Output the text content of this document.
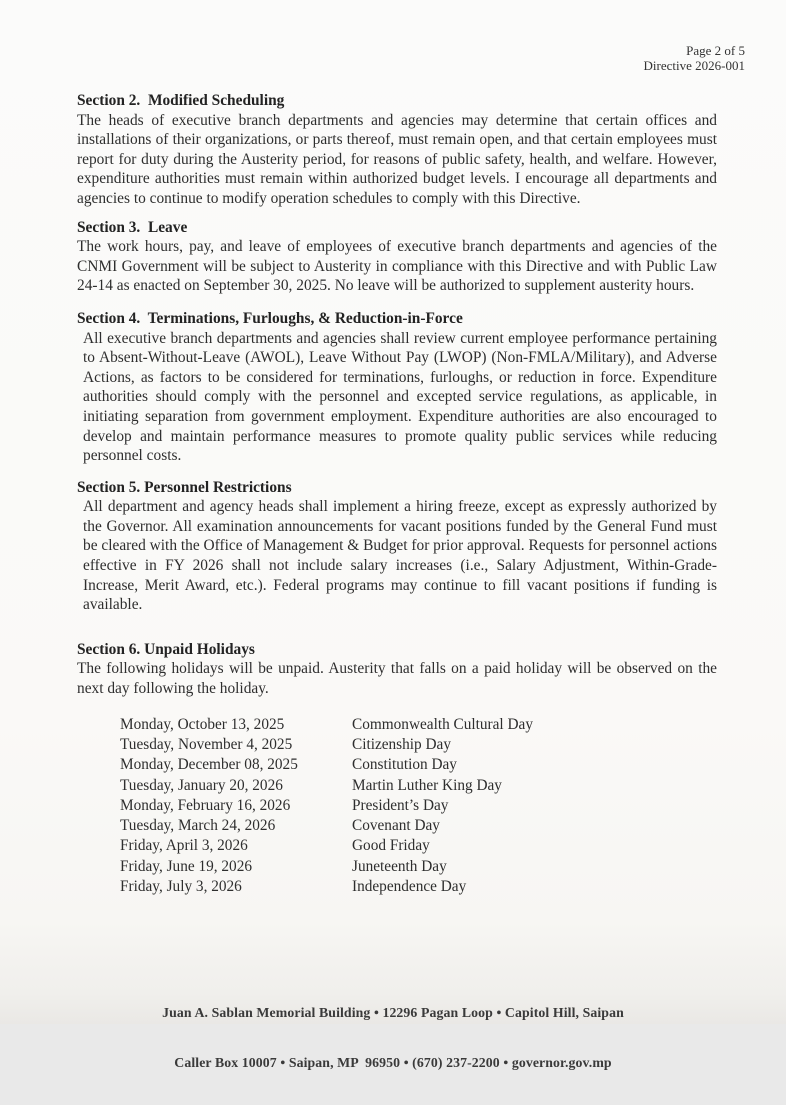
Page 2 of 5
Directive 2026-001
Section 2.  Modified Scheduling

The heads of executive branch departments and agencies may determine that certain offices and installations of their organizations, or parts thereof, must remain open, and that certain employees must report for duty during the Austerity period, for reasons of public safety, health, and welfare. However, expenditure authorities must remain within authorized budget levels. I encourage all departments and agencies to continue to modify operation schedules to comply with this Directive.

Section 3.  Leave

The work hours, pay, and leave of employees of executive branch departments and agencies of the CNMI Government will be subject to Austerity in compliance with this Directive and with Public Law 24-14 as enacted on September 30, 2025. No leave will be authorized to supplement austerity hours.

Section 4.  Terminations, Furloughs, & Reduction-in-Force

All executive branch departments and agencies shall review current employee performance pertaining to Absent-Without-Leave (AWOL), Leave Without Pay (LWOP) (Non-FMLA/Military), and Adverse Actions, as factors to be considered for terminations, furloughs, or reduction in force. Expenditure authorities should comply with the personnel and excepted service regulations, as applicable, in initiating separation from government employment. Expenditure authorities are also encouraged to develop and maintain performance measures to promote quality public services while reducing personnel costs.

Section 5. Personnel Restrictions

All department and agency heads shall implement a hiring freeze, except as expressly authorized by the Governor. All examination announcements for vacant positions funded by the General Fund must be cleared with the Office of Management & Budget for prior approval. Requests for personnel actions effective in FY 2026 shall not include salary increases (i.e., Salary Adjustment, Within-Grade-Increase, Merit Award, etc.). Federal programs may continue to fill vacant positions if funding is available.

Section 6. Unpaid Holidays

The following holidays will be unpaid. Austerity that falls on a paid holiday will be observed on the next day following the holiday.

Monday, October 13, 2025	Commonwealth Cultural Day
Tuesday, November 4, 2025	Citizenship Day
Monday, December 08, 2025	Constitution Day
Tuesday, January 20, 2026	Martin Luther King Day
Monday, February 16, 2026	President’s Day
Tuesday, March 24, 2026	Covenant Day
Friday, April 3, 2026	Good Friday
Friday, June 19, 2026	Juneteenth Day
Friday, July 3, 2026	Independence Day

Juan A. Sablan Memorial Building • 12296 Pagan Loop • Capitol Hill, Saipan

Caller Box 10007 • Saipan, MP  96950 • (670) 237-2200 • governor.gov.mp
